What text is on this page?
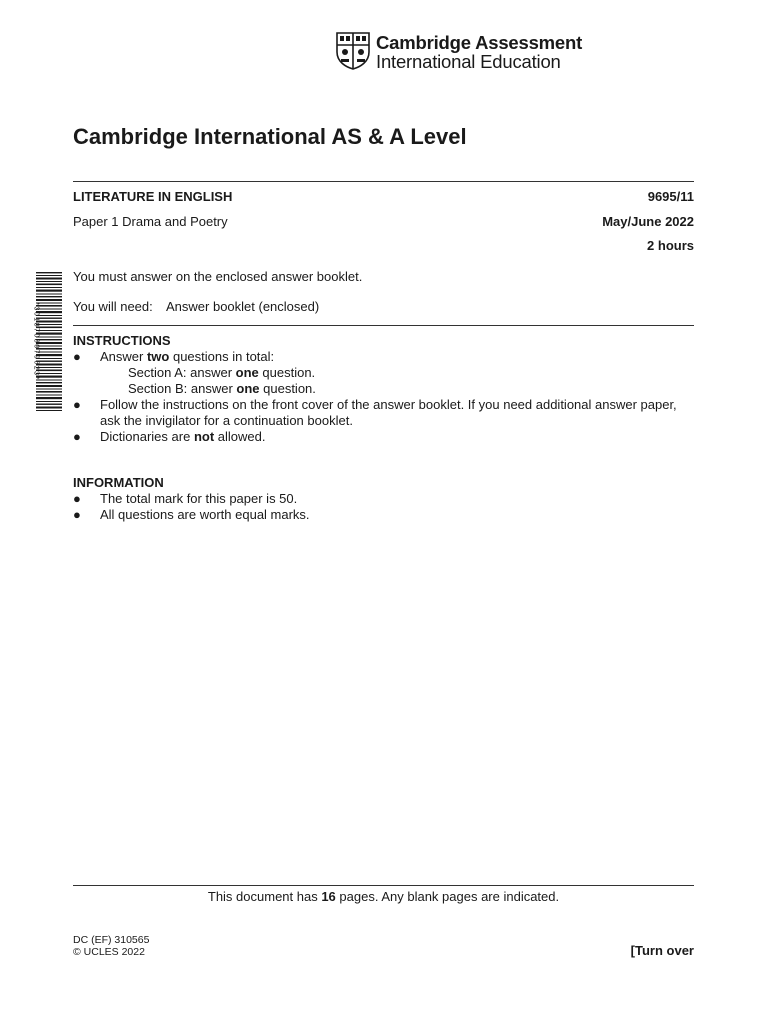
Cambridge Assessment
International Education
Cambridge International AS & A Level
LITERATURE IN ENGLISH	9695/11
Paper 1 Drama and Poetry	May/June 2022
2 hours
*3018708079623*
You must answer on the enclosed answer booklet.
You will need: Answer booklet (enclosed)
INSTRUCTIONS
● Answer two questions in total:
Section A: answer one question.
Section B: answer one question.
● Follow the instructions on the front cover of the answer booklet. If you need additional answer paper,
ask the invigilator for a continuation booklet.
● Dictionaries are not allowed.
INFORMATION
● The total mark for this paper is 50.
● All questions are worth equal marks.
This document has 16 pages. Any blank pages are indicated.
DC (EF) 310565
© UCLES 2022	[Turn over
